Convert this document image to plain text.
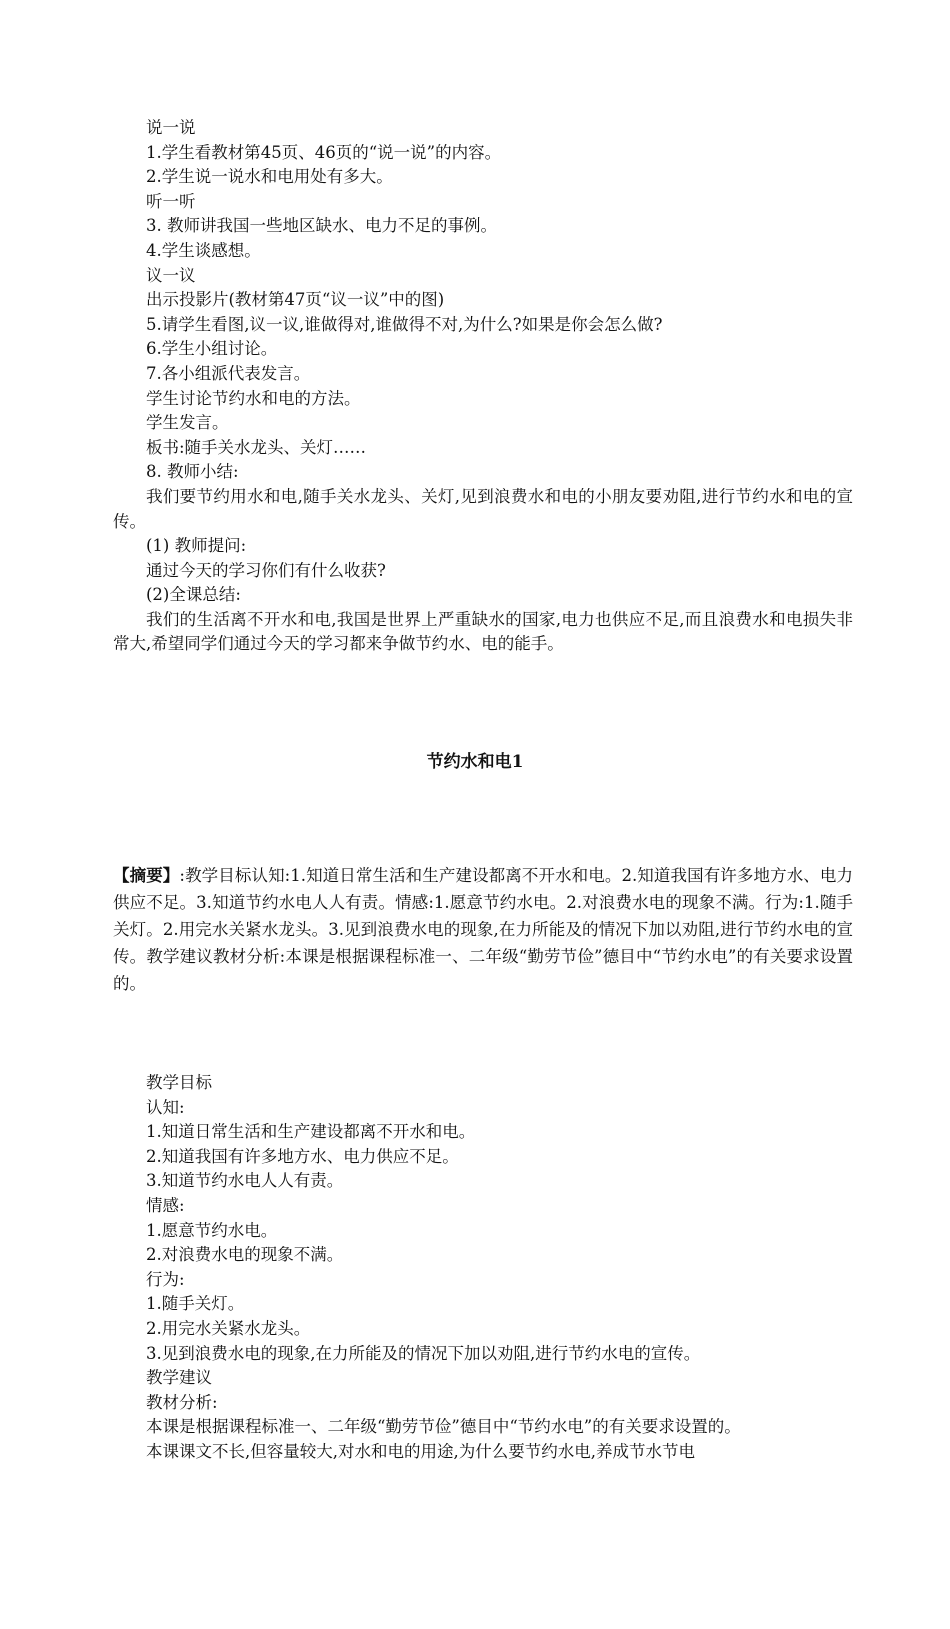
说一说

1.学生看教材第45页、46页的“说一说”的内容。

2.学生说一说水和电用处有多大。

听一听

3. 教师讲我国一些地区缺水、电力不足的事例。

4.学生谈感想。

议一议

出示投影片(教材第47页“议一议”中的图)

5.请学生看图,议一议,谁做得对,谁做得不对,为什么?如果是你会怎么做?

6.学生小组讨论。

7.各小组派代表发言。

学生讨论节约水和电的方法。

学生发言。

板书:随手关水龙头、关灯……

8. 教师小结:

我们要节约用水和电,随手关水龙头、关灯,见到浪费水和电的小朋友要劝阻,进行节约水和电的宣传。

(1) 教师提问:

通过今天的学习你们有什么收获?

(2)全课总结:

我们的生活离不开水和电,我国是世界上严重缺水的国家,电力也供应不足,而且浪费水和电损失非常大,希望同学们通过今天的学习都来争做节约水、电的能手。

节约水和电1
【摘要】:教学目标认知:1.知道日常生活和生产建设都离不开水和电。2.知道我国有许多地方水、电力供应不足。3.知道节约水电人人有责。情感:1.愿意节约水电。2.对浪费水电的现象不满。行为:1.随手关灯。2.用完水关紧水龙头。3.见到浪费水电的现象,在力所能及的情况下加以劝阻,进行节约水电的宣传。教学建议教材分析:本课是根据课程标准一、二年级“勤劳节俭”德目中“节约水电”的有关要求设置的。

教学目标

认知:

1.知道日常生活和生产建设都离不开水和电。

2.知道我国有许多地方水、电力供应不足。

3.知道节约水电人人有责。

情感:

1.愿意节约水电。

2.对浪费水电的现象不满。

行为:

1.随手关灯。

2.用完水关紧水龙头。

3.见到浪费水电的现象,在力所能及的情况下加以劝阻,进行节约水电的宣传。

教学建议

教材分析:

本课是根据课程标准一、二年级“勤劳节俭”德目中“节约水电”的有关要求设置的。

本课课文不长,但容量较大,对水和电的用途,为什么要节约水电,养成节水节电
